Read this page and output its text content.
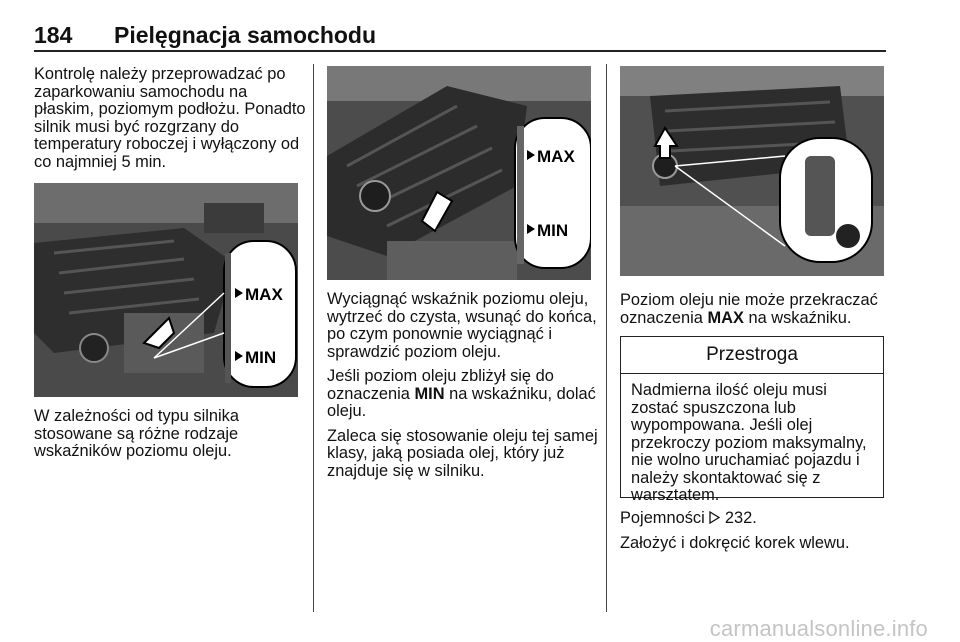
184 Pielęgnacja samochodu

Kontrolę należy przeprowadzać po zaparkowaniu samochodu na płaskim, poziomym podłożu. Ponadto silnik musi być rozgrzany do temperatury roboczej i wyłączony od co najmniej 5 min.

MAX
MIN

W zależności od typu silnika stosowane są różne rodzaje wskaźników poziomu oleju.

MAX
MIN

Wyciągnąć wskaźnik poziomu oleju, wytrzeć do czysta, wsunąć do końca, po czym ponownie wyciągnąć i sprawdzić poziom oleju.

Jeśli poziom oleju zbliżył się do oznaczenia MIN na wskaźniku, dolać oleju.

Zaleca się stosowanie oleju tej samej klasy, jaką posiada olej, który już znajduje się w silniku.

Poziom oleju nie może przekraczać oznaczenia MAX na wskaźniku.

Przestroga
Nadmierna ilość oleju musi zostać spuszczona lub wypompowana. Jeśli olej przekroczy poziom maksymalny, nie wolno uruchamiać pojazdu i należy skontaktować się z warsztatem.

Pojemności 232.

Założyć i dokręcić korek wlewu.

carmanualsonline.info
